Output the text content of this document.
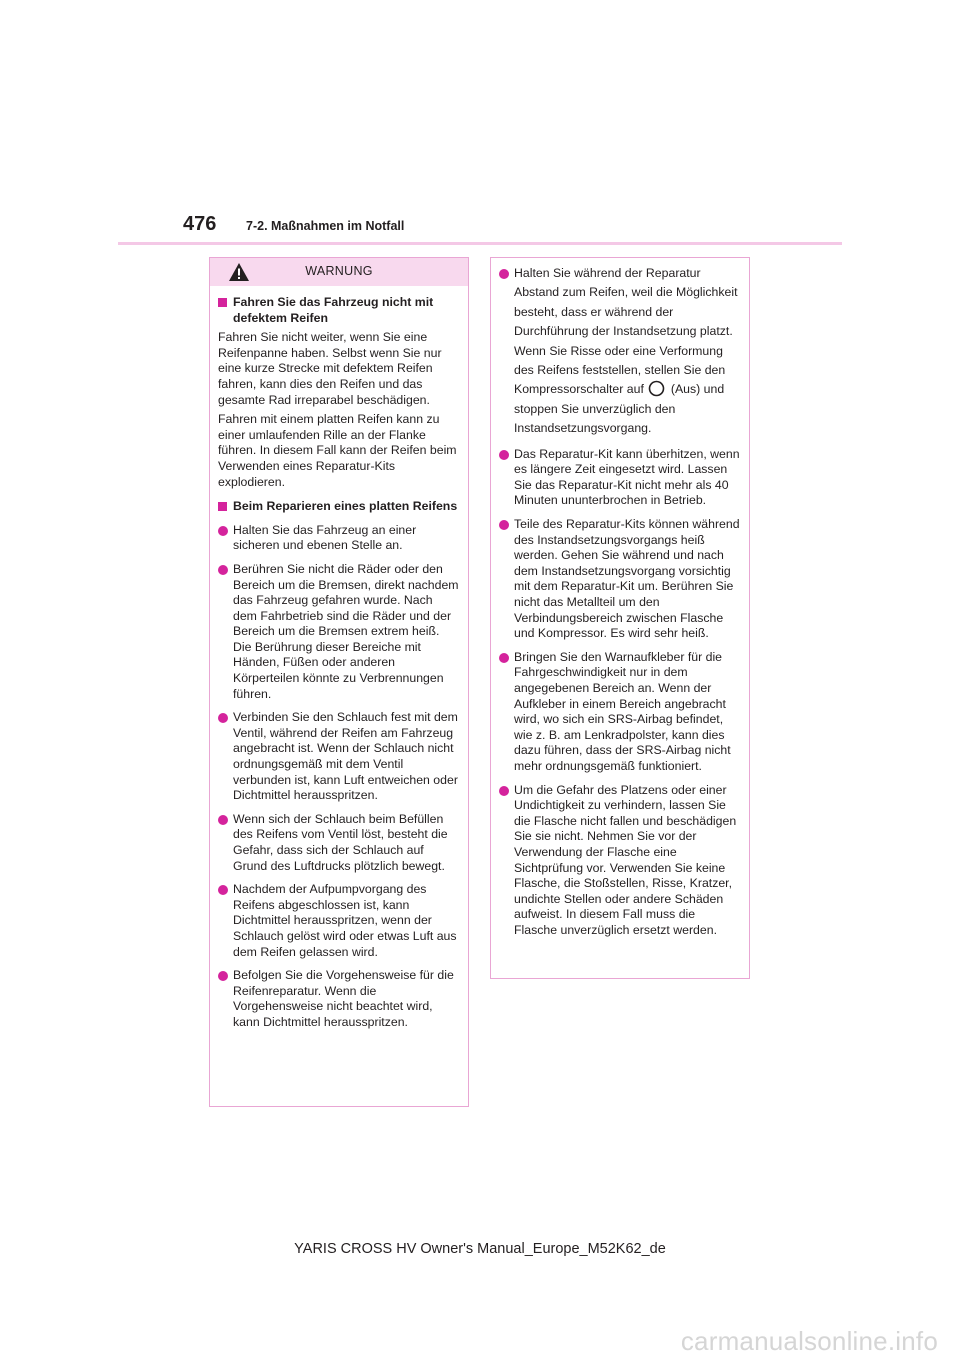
476 7-2. Maßnahmen im Notfall
WARNUNG
Fahren Sie das Fahrzeug nicht mit defektem Reifen

Fahren Sie nicht weiter, wenn Sie eine Reifenpanne haben. Selbst wenn Sie nur eine kurze Strecke mit defektem Reifen fahren, kann dies den Reifen und das gesamte Rad irreparabel beschädigen.

Fahren mit einem platten Reifen kann zu einer umlaufenden Rille an der Flanke führen. In diesem Fall kann der Reifen beim Verwenden eines Reparatur-Kits explodieren.

Beim Reparieren eines platten Reifens
Halten Sie das Fahrzeug an einer sicheren und ebenen Stelle an.
Berühren Sie nicht die Räder oder den Bereich um die Bremsen, direkt nachdem das Fahrzeug gefahren wurde. Nach dem Fahrbetrieb sind die Räder und der Bereich um die Bremsen extrem heiß. Die Berührung dieser Bereiche mit Händen, Füßen oder anderen Körperteilen könnte zu Verbrennungen führen.
Verbinden Sie den Schlauch fest mit dem Ventil, während der Reifen am Fahrzeug angebracht ist. Wenn der Schlauch nicht ordnungsgemäß mit dem Ventil verbunden ist, kann Luft entweichen oder Dichtmittel herausspritzen.
Wenn sich der Schlauch beim Befüllen des Reifens vom Ventil löst, besteht die Gefahr, dass sich der Schlauch auf Grund des Luftdrucks plötzlich bewegt.
Nachdem der Aufpumpvorgang des Reifens abgeschlossen ist, kann Dichtmittel herausspritzen, wenn der Schlauch gelöst wird oder etwas Luft aus dem Reifen gelassen wird.
Befolgen Sie die Vorgehensweise für die Reifenreparatur. Wenn die Vorgehensweise nicht beachtet wird, kann Dichtmittel herausspritzen.
Halten Sie während der Reparatur Abstand zum Reifen, weil die Möglichkeit besteht, dass er während der Durchführung der Instandsetzung platzt. Wenn Sie Risse oder eine Verformung des Reifens feststellen, stellen Sie den Kompressorschalter auf (Aus) und stoppen Sie unverzüglich den Instandsetzungsvorgang.
Das Reparatur-Kit kann überhitzen, wenn es längere Zeit eingesetzt wird. Lassen Sie das Reparatur-Kit nicht mehr als 40 Minuten ununterbrochen in Betrieb.
Teile des Reparatur-Kits können während des Instandsetzungsvorgangs heiß werden. Gehen Sie während und nach dem Instandsetzungsvorgang vorsichtig mit dem Reparatur-Kit um. Berühren Sie nicht das Metallteil um den Verbindungsbereich zwischen Flasche und Kompressor. Es wird sehr heiß.
Bringen Sie den Warnaufkleber für die Fahrgeschwindigkeit nur in dem angegebenen Bereich an. Wenn der Aufkleber in einem Bereich angebracht wird, wo sich ein SRS-Airbag befindet, wie z. B. am Lenkradpolster, kann dies dazu führen, dass der SRS-Airbag nicht mehr ordnungsgemäß funktioniert.
Um die Gefahr des Platzens oder einer Undichtigkeit zu verhindern, lassen Sie die Flasche nicht fallen und beschädigen Sie sie nicht. Nehmen Sie vor der Verwendung der Flasche eine Sichtprüfung vor. Verwenden Sie keine Flasche, die Stoßstellen, Risse, Kratzer, undichte Stellen oder andere Schäden aufweist. In diesem Fall muss die Flasche unverzüglich ersetzt werden.
YARIS CROSS HV Owner's Manual_Europe_M52K62_de
carmanualsonline.info
